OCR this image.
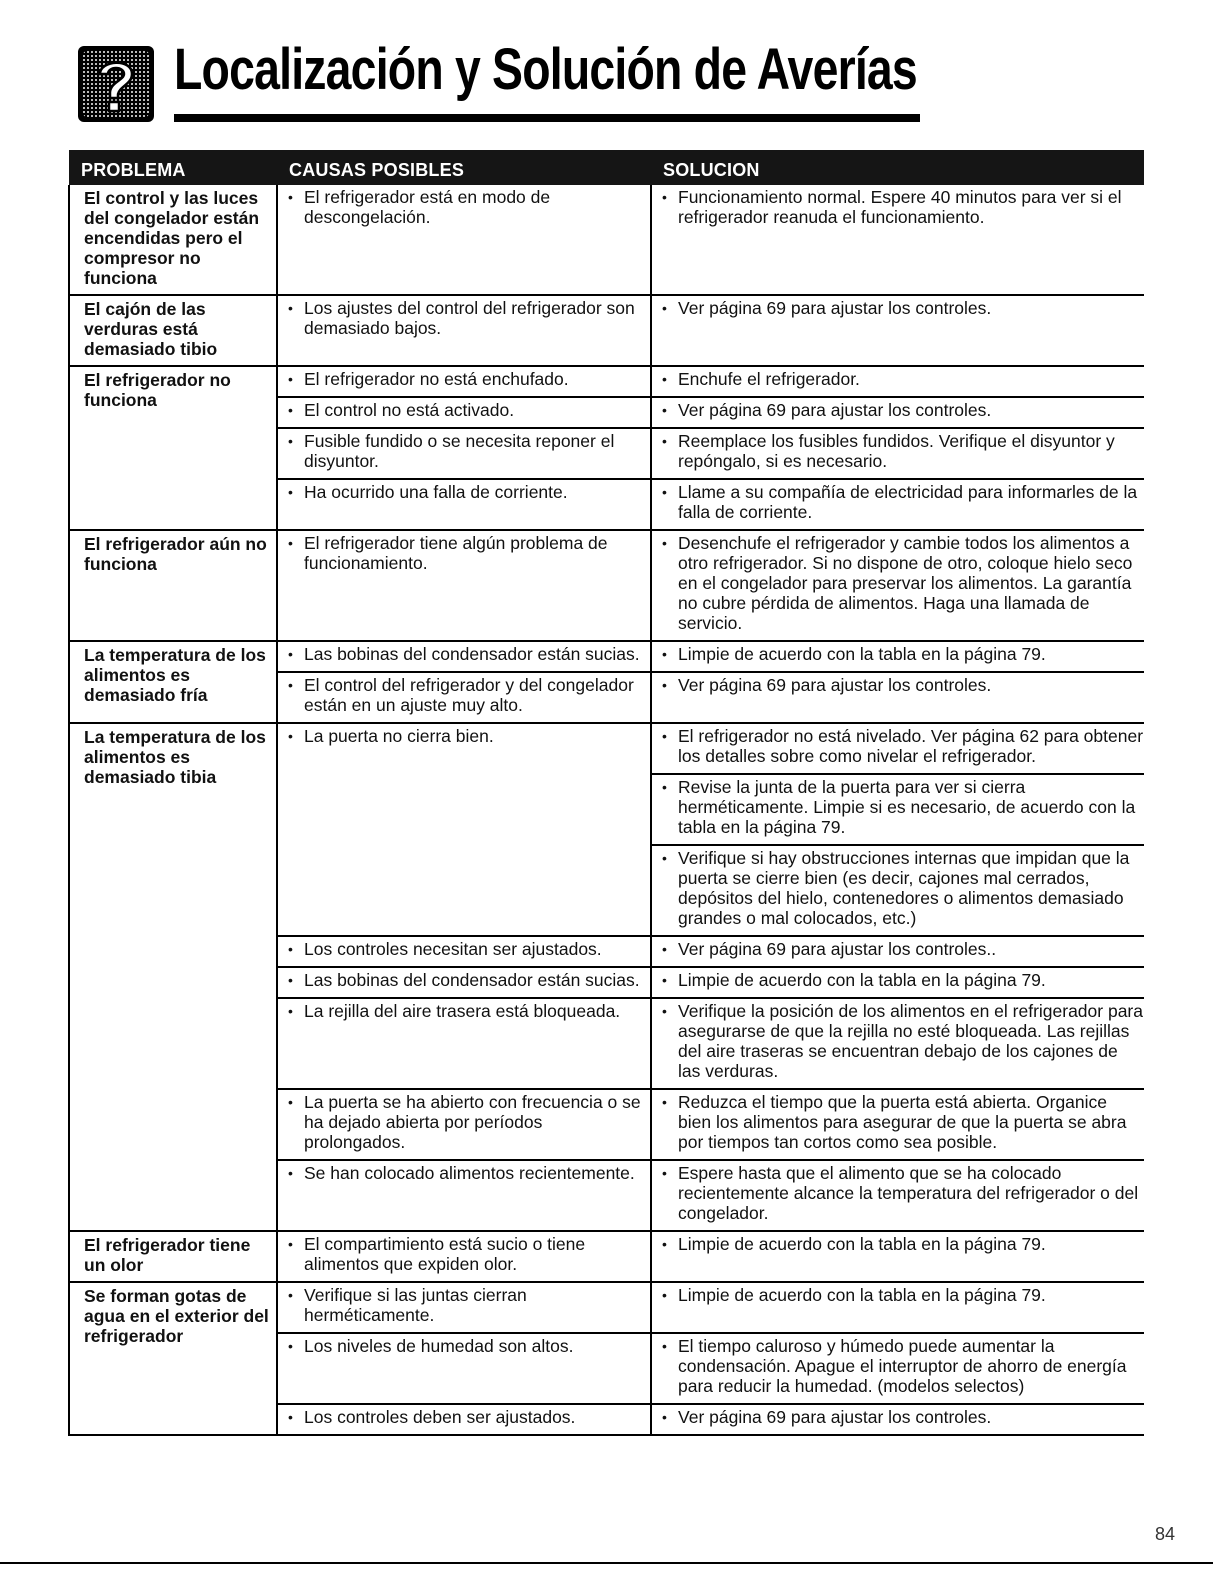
Localización y Solución de Averías
PROBLEMA	CAUSAS POSIBLES	SOLUCION
El control y las luces del congelador están encendidas pero el compresor no funciona	• El refrigerador está en modo de descongelación.	• Funcionamiento normal. Espere 40 minutos para ver si el refrigerador reanuda el funcionamiento.

El cajón de las verduras está demasiado tibio	• Los ajustes del control del refrigerador son demasiado bajos.	• Ver página 69 para ajustar los controles.

El refrigerador no funciona	• El refrigerador no está enchufado.	• Enchufe el refrigerador.

	• El control no está activado.	• Ver página 69 para ajustar los controles.

	• Fusible fundido o se necesita reponer el disyuntor.	• Reemplace los fusibles fundidos. Verifique el disyuntor y repóngalo, si es necesario.

	• Ha ocurrido una falla de corriente.	• Llame a su compañía de electricidad para informarles de la falla de corriente.

El refrigerador aún no funciona	• El refrigerador tiene algún problema de funcionamiento.	• Desenchufe el refrigerador y cambie todos los alimentos a otro refrigerador. Si no dispone de otro, coloque hielo seco en el congelador para preservar los alimentos. La garantía no cubre pérdida de alimentos. Haga una llamada de servicio.

La temperatura de los alimentos es demasiado fría	• Las bobinas del condensador están sucias.	• Limpie de acuerdo con la tabla en la página 79.

	• El control del refrigerador y del congelador están en un ajuste muy alto.	• Ver página 69 para ajustar los controles.

La temperatura de los alimentos es demasiado tibia	• La puerta no cierra bien.	• El refrigerador no está nivelado. Ver página 62 para obtener los detalles sobre como nivelar el refrigerador.

		• Revise la junta de la puerta para ver si cierra herméticamente. Limpie si es necesario, de acuerdo con la tabla en la página 79.

		• Verifique si hay obstrucciones internas que impidan que la puerta se cierre bien (es decir, cajones mal cerrados, depósitos del hielo, contenedores o alimentos demasiado grandes o mal colocados, etc.)

	• Los controles necesitan ser ajustados.	• Ver página 69 para ajustar los controles..

	• Las bobinas del condensador están sucias.	• Limpie de acuerdo con la tabla en la página 79.

	• La rejilla del aire trasera está bloqueada.	• Verifique la posición de los alimentos en el refrigerador para asegurarse de que la rejilla no esté bloqueada. Las rejillas del aire traseras se encuentran debajo de los cajones de las verduras.

	• La puerta se ha abierto con frecuencia o se ha dejado abierta por períodos prolongados.	• Reduzca el tiempo que la puerta está abierta. Organice bien los alimentos para asegurar de que la puerta se abra por tiempos tan cortos como sea posible.

	• Se han colocado alimentos recientemente.	• Espere hasta que el alimento que se ha colocado recientemente alcance la temperatura del refrigerador o del congelador.

El refrigerador tiene un olor	• El compartimiento está sucio o tiene alimentos que expiden olor.	• Limpie de acuerdo con la tabla en la página 79.

Se forman gotas de agua en el exterior del refrigerador	• Verifique si las juntas cierran herméticamente.	• Limpie de acuerdo con la tabla en la página 79.

	• Los niveles de humedad son altos.	• El tiempo caluroso y húmedo puede aumentar la condensación. Apague el interruptor de ahorro de energía para reducir la humedad. (modelos selectos)

	• Los controles deben ser ajustados.	• Ver página 69 para ajustar los controles.
84
